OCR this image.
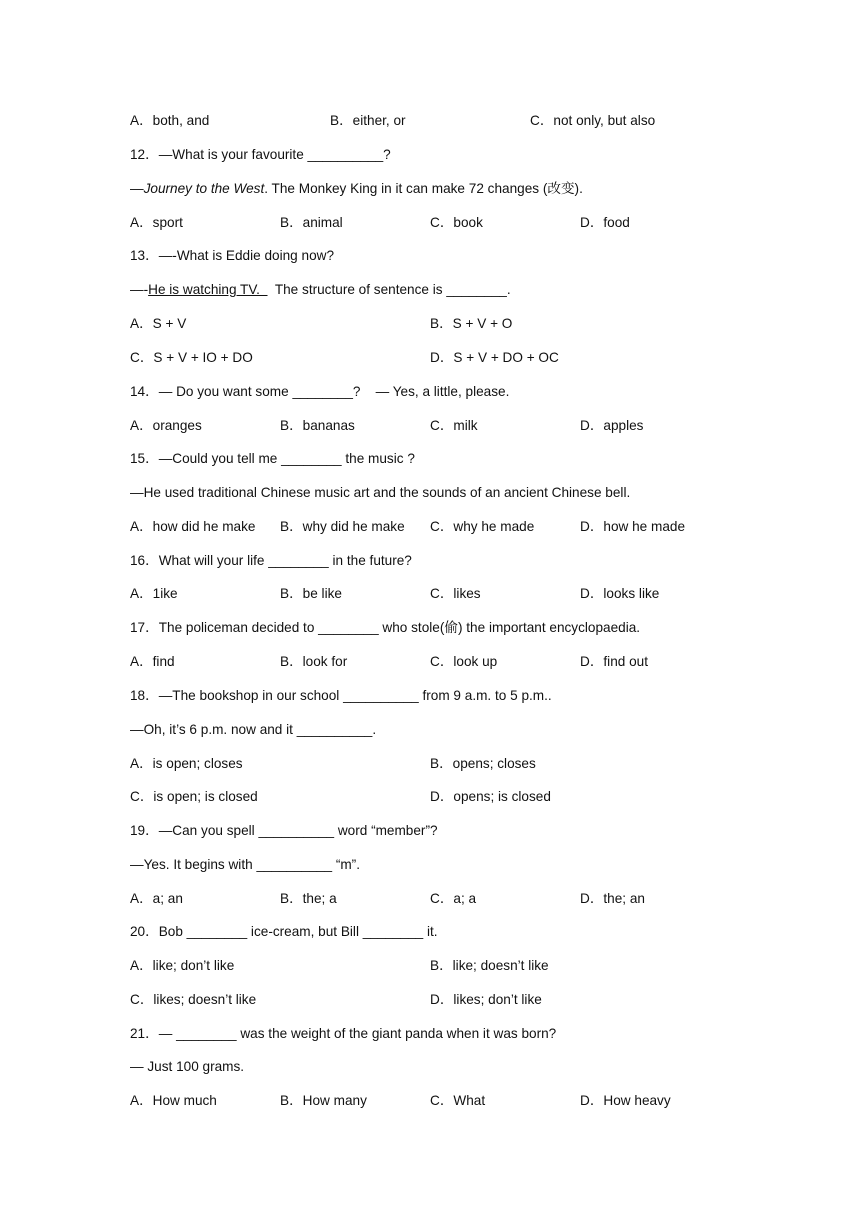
A．both, and	B．either, or	C．not only, but also
12．—What is your favourite __________?
—Journey to the West. The Monkey King in it can make 72 changes (改变).
A．sport	B．animal	C．book	D．food
13．—-What is Eddie doing now?
—-He is watching TV.    The structure of sentence is ________.
A．S + V	B．S + V + O
C．S + V + IO + DO	D．S + V + DO + OC
14．— Do you want some ________?    — Yes, a little, please.
A．oranges	B．bananas	C．milk	D．apples
15．—Could you tell me ________ the music ?
—He used traditional Chinese music art and the sounds of an ancient Chinese bell.
A．how did he make B．why did he make C．why he made	D．how he made
16．What will your life ________ in the future?
A．1ike	B．be like	C．likes	D．looks like
17．The policeman decided to ________ who stole(偷) the important encyclopaedia.
A．find	B．look for	C．look up	D．find out
18．—The bookshop in our school __________ from 9 a.m. to 5 p.m..
—Oh, it’s 6 p.m. now and it __________.
A．is open; closes	B．opens; closes
C．is open; is closed	D．opens; is closed
19．—Can you spell __________ word “member”?
—Yes. It begins with __________ “m”.
A．a; an	B．the; a	C．a; a	D．the; an
20．Bob ________ ice-cream, but Bill ________ it.
A．like; don’t like	B．like; doesn’t like
C．likes; doesn’t like	D．likes; don’t like
21．— ________ was the weight of the giant panda when it was born?
— Just 100 grams.
A．How much	B．How many	C．What	D．How heavy
